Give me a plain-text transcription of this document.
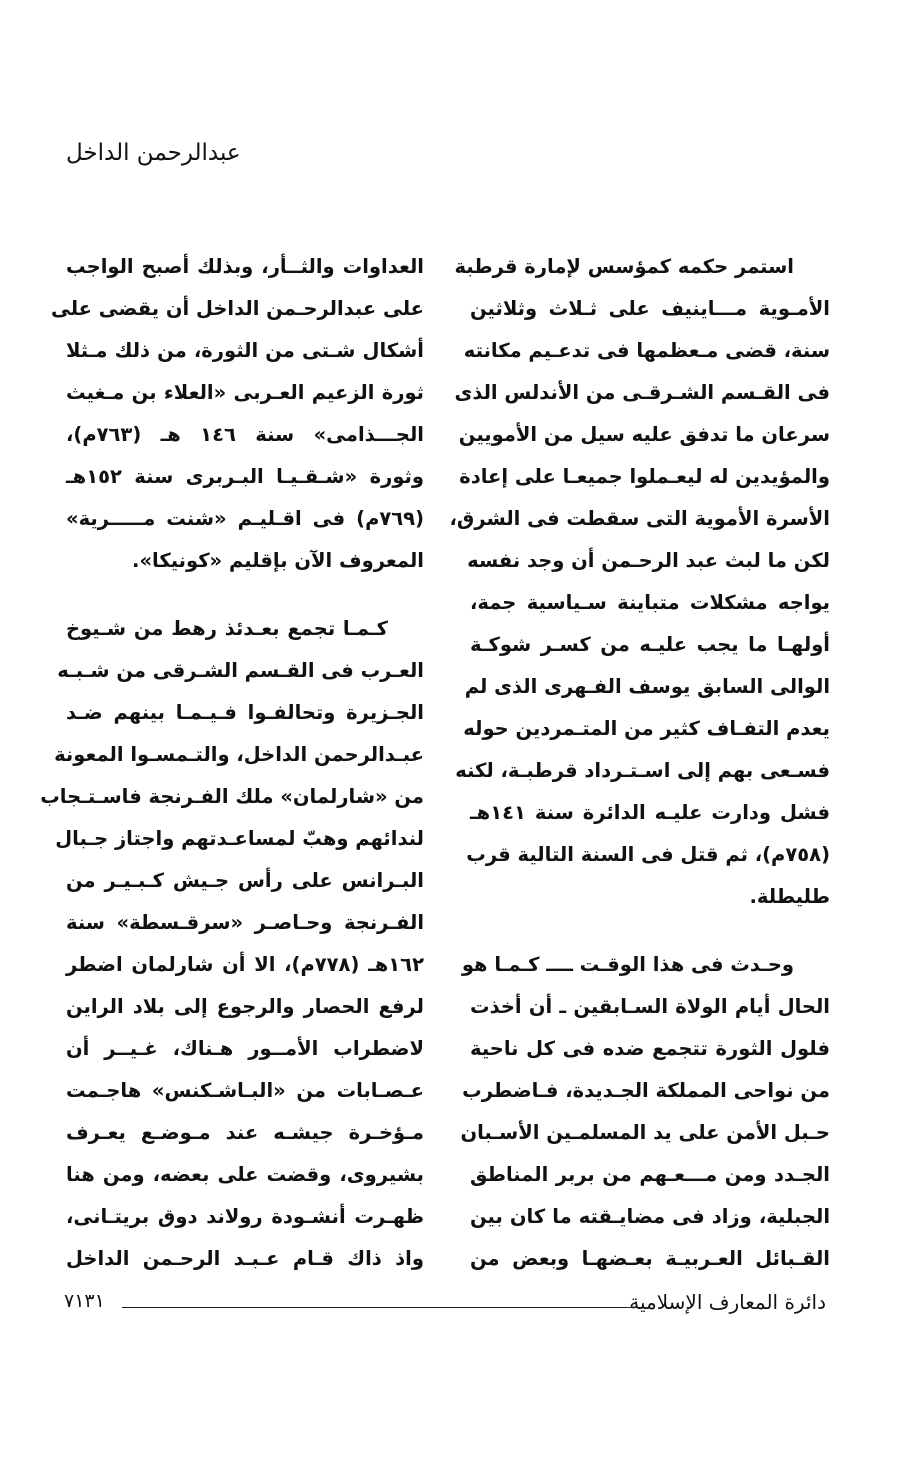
عبدالرحمن الداخل
استمر حكمه كمؤسس لإمارة قرطبة
الأمـوية مـــاينيف على ثـلاث وثلاثين
سنة، قضى مـعظمها فى تدعـيم مكانته
فى القـسم الشـرقـى من الأندلس الذى
سرعان ما تدفق عليه سيل من الأمويين
والمؤيدين له ليعـملوا جميعـا على إعادة
الأسرة الأموية التى سقطت فى الشرق،
لكن ما لبث عبد الرحـمن أن وجد نفسه
يواجه مشكلات متباينة سـياسية جمة،
أولهـا ما يجب عليـه من كسـر شوكـة
الوالى السابق يوسف الفـهرى الذى لم
يعدم التفـاف كثير من المتـمردين حوله
فسـعى بهم إلى اسـتـرداد قرطبـة، لكنه
فشل ودارت عليـه الدائرة سنة ١٤١هـ
(٧٥٨م)، ثم قتل فى السنة التالية قرب
طليطلة.
وحـدث فى هذا الوقـت ــــ كـمـا هو
الحال أيام الولاة السـابقين ـ أن أخذت
فلول الثورة تتجمع ضده فى كل ناحية
من نواحى المملكة الجـديدة، فـاضطرب
حـبل الأمن على يد المسلمـين الأسـبان
الجـدد ومن مـــعـهم من بربر المناطق
الجبلية، وزاد فى مضايـقته ما كان بين
القـبائل العـربيـة بعـضهـا وبعض من
العداوات والثــأر، وبذلك أصبح الواجب
على عبدالرحـمن الداخل أن يقضى على
أشكال شـتى من الثورة، من ذلك مـثلا
ثورة الزعيم العـربى «العلاء بن مـغيث
الجـــذامى» سنة ١٤٦ هـ (٧٦٣م)،
وثورة «شـقـيـا البـربرى سنة ١٥٢هـ
(٧٦٩م) فى اقـليـم «شنت مـــــرية»
المعروف الآن بإقليم «كونيكا».
كـمـا تجمع بعـدئذ رهط من شـيوخ
العـرب فى القـسم الشـرقى من شـبـه
الجـزيرة وتحالفـوا فـيـمـا بينهم ضـد
عبـدالرحمن الداخل، والتـمسـوا المعونة
من «شارلمان» ملك الفـرنجة فاسـتـجاب
لندائهم وهبّ لمساعـدتهم واجتاز جـبال
البـرانس على رأس جـيش كـبـيـر من
الفـرنجة وحـاصـر «سرقـسطة» سنة
١٦٢هـ (٧٧٨م)، الا أن شارلمان اضطر
لرفع الحصار والرجوع إلى بلاد الراين
لاضطراب الأمــور هـناك، غـيــر أن
عـصـابات من «البـاشـكنس» هاجـمت
مـؤخـرة جيشـه عند مـوضـع يعـرف
بشيروى، وقضت على بعضه، ومن هنا
ظهـرت أنشـودة رولاند دوق بريتـانى،
واذ ذاك قـام عـبـد الرحـمن الداخل
دائرة المعارف الإسلامية
٧١٣١
